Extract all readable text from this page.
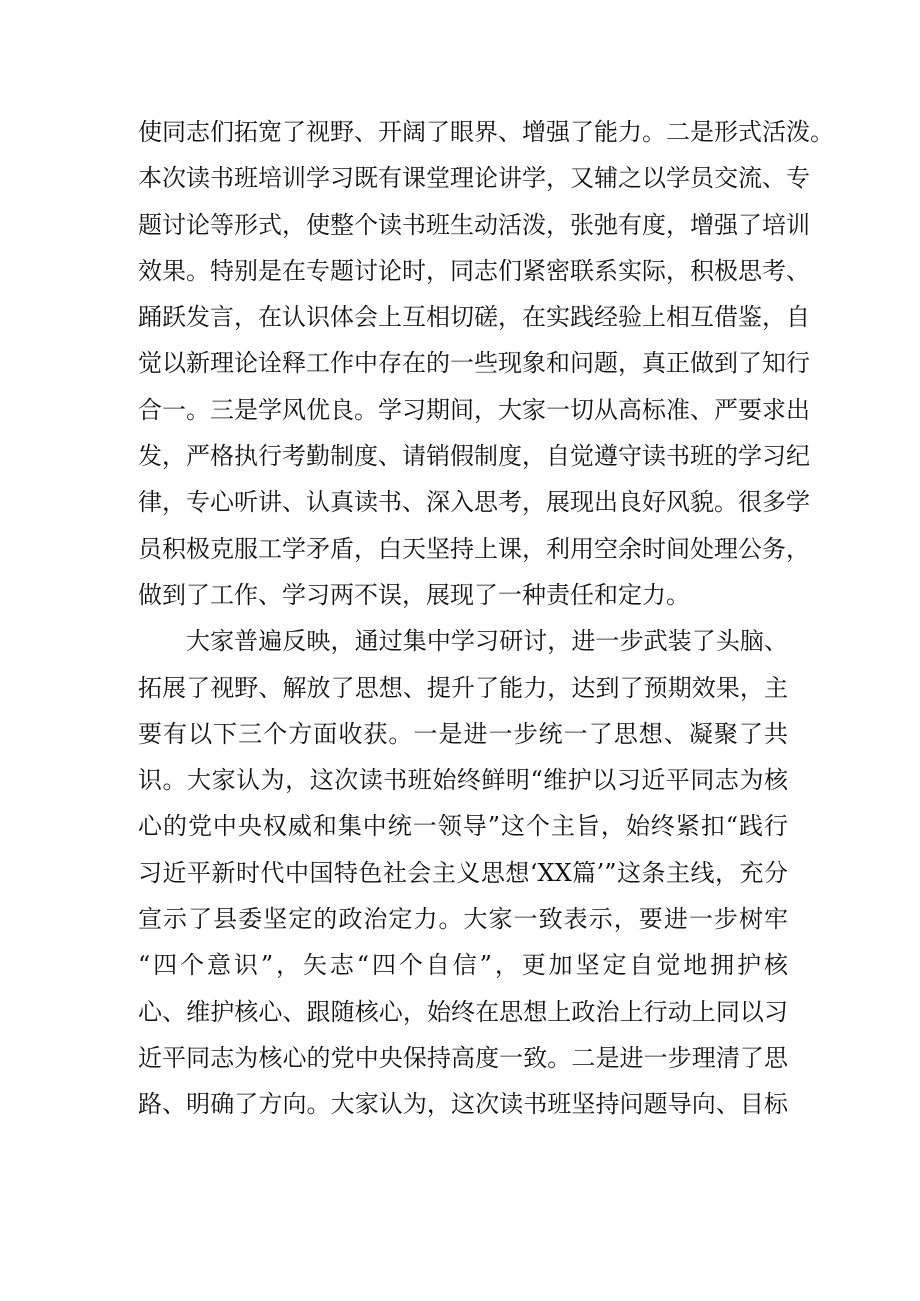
使同志们拓宽了视野、开阔了眼界、增强了能力。二是形式活泼。
本次读书班培训学习既有课堂理论讲学，又辅之以学员交流、专
题讨论等形式，使整个读书班生动活泼，张弛有度，增强了培训
效果。特别是在专题讨论时，同志们紧密联系实际，积极思考、
踊跃发言，在认识体会上互相切磋，在实践经验上相互借鉴，自
觉以新理论诠释工作中存在的一些现象和问题，真正做到了知行
合一。三是学风优良。学习期间，大家一切从高标准、严要求出
发，严格执行考勤制度、请销假制度，自觉遵守读书班的学习纪
律，专心听讲、认真读书、深入思考，展现出良好风貌。很多学
员积极克服工学矛盾，白天坚持上课，利用空余时间处理公务，
做到了工作、学习两不误，展现了一种责任和定力。
大家普遍反映，通过集中学习研讨，进一步武装了头脑、
拓展了视野、解放了思想、提升了能力，达到了预期效果，主
要有以下三个方面收获。一是进一步统一了思想、凝聚了共
识。大家认为，这次读书班始终鲜明“维护以习近平同志为核
心的党中央权威和集中统一领导”这个主旨，始终紧扣“践行
习近平新时代中国特色社会主义思想‘XX篇’”这条主线，充分
宣示了县委坚定的政治定力。大家一致表示，要进一步树牢
“四个意识”，矢志“四个自信”，更加坚定自觉地拥护核
心、维护核心、跟随核心，始终在思想上政治上行动上同以习
近平同志为核心的党中央保持高度一致。二是进一步理清了思
路、明确了方向。大家认为，这次读书班坚持问题导向、目标
